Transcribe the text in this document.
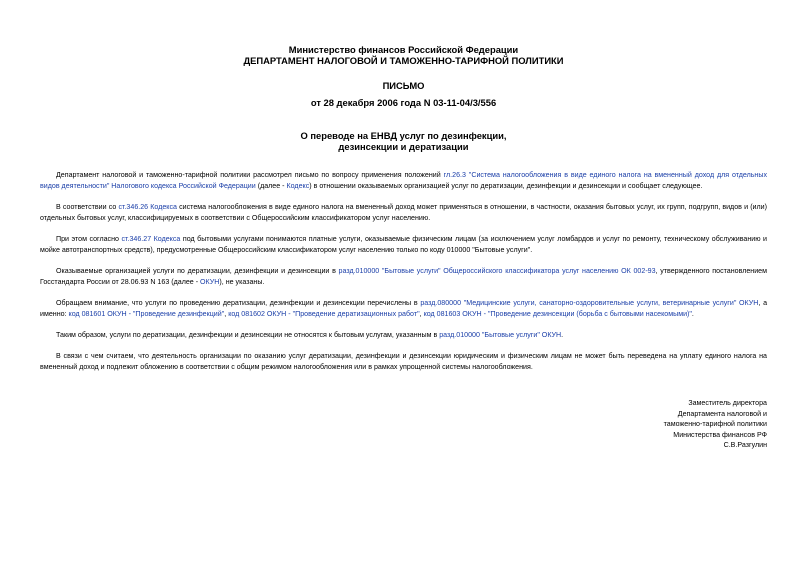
Министерство финансов Российской Федерации
ДЕПАРТАМЕНТ НАЛОГОВОЙ И ТАМОЖЕННО-ТАРИФНОЙ ПОЛИТИКИ
ПИСЬМО
от 28 декабря 2006 года N 03-11-04/3/556
О переводе на ЕНВД услуг по дезинфекции,
дезинсекции и дератизации

Департамент налоговой и таможенно-тарифной политики рассмотрел письмо по вопросу применения положений гл.26.3 "Система налогообложения в виде единого налога на вмененный доход для отдельных видов деятельности" Налогового кодекса Российской Федерации (далее - Кодекс) в отношении оказываемых организацией услуг по дератизации, дезинфекции и дезинсекции и сообщает следующее.

В соответствии со ст.346.26 Кодекса система налогообложения в виде единого налога на вмененный доход может применяться в отношении, в частности, оказания бытовых услуг, их групп, подгрупп, видов и (или) отдельных бытовых услуг, классифицируемых в соответствии с Общероссийским классификатором услуг населению.

При этом согласно ст.346.27 Кодекса под бытовыми услугами понимаются платные услуги, оказываемые физическим лицам (за исключением услуг ломбардов и услуг по ремонту, техническому обслуживанию и мойке автотранспортных средств), предусмотренные Общероссийским классификатором услуг населению только по коду 010000 "Бытовые услуги".

Оказываемые организацией услуги по дератизации, дезинфекции и дезинсекции в разд.010000 "Бытовые услуги" Общероссийского классификатора услуг населению ОК 002-93, утвержденного постановлением Госстандарта России от 28.06.93 N 163 (далее - ОКУН), не указаны.

Обращаем внимание, что услуги по проведению дератизации, дезинфекции и дезинсекции перечислены в разд.080000 "Медицинские услуги, санаторно-оздоровительные услуги, ветеринарные услуги" ОКУН, а именно: код 081601 ОКУН - "Проведение дезинфекций", код 081602 ОКУН - "Проведение дератизационных работ", код 081603 ОКУН - "Проведение дезинсекции (борьба с бытовыми насекомыми)".

Таким образом, услуги по дератизации, дезинфекции и дезинсекции не относятся к бытовым услугам, указанным в разд.010000 "Бытовые услуги" ОКУН.

В связи с чем считаем, что деятельность организации по оказанию услуг дератизации, дезинфекции и дезинсекции юридическим и физическим лицам не может быть переведена на уплату единого налога на вмененный доход и подлежит обложению в соответствии с общим режимом налогообложения или в рамках упрощенной системы налогообложения.

Заместитель директора
Департамента налоговой и
таможенно-тарифной политики
Министерства финансов РФ
С.В.Разгулин
